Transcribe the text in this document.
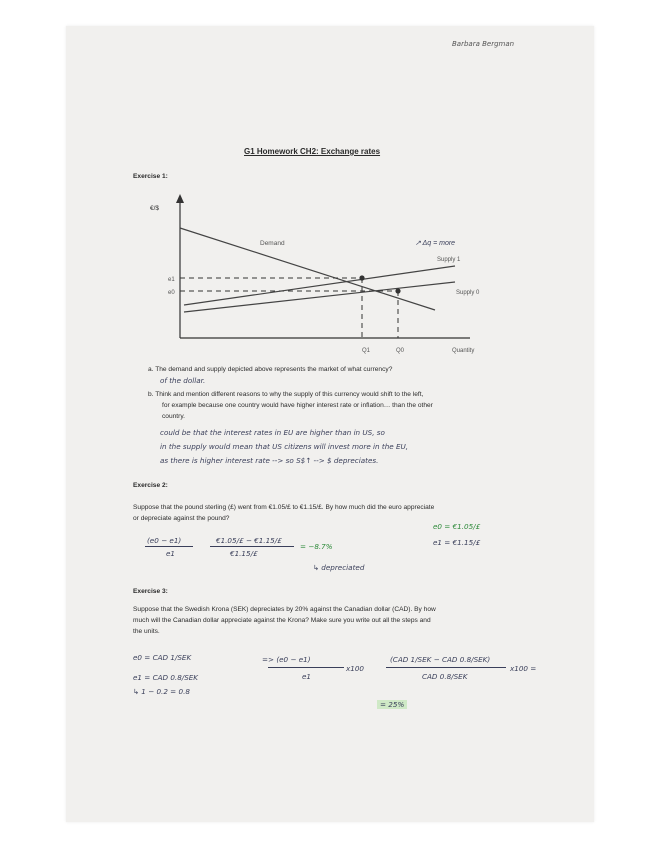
Barbara Bergman
G1 Homework CH2: Exchange rates
Exercise 1:
€/$
Demand
Supply 1
Supply 0
e1
e0
Q1	Q0	Quantity
↗ Δq = more
a. The demand and supply depicted above represents the market of what currency?
of the dollar.
b. Think and mention different reasons to why the supply of this currency would shift to the left,
for example because one country would have higher interest rate or inflation… than the other
country.
could be that the interest rates in EU are higher than in US, so
in the supply would mean that US citizens will invest more in the EU,
as there is higher interest rate --> so S$↑ --> $ depreciates.
Exercise 2:
Suppose that the pound sterling (£) went from €1.05/£ to €1.15/£. By how much did the euro appreciate
or depreciate against the pound?
e0 = €1.05/£
e1 = €1.15/£
(e0 − e1)
e1
€1.05/£ − €1.15/£
€1.15/£
= −8.7%
↳ depreciated
Exercise 3:
Suppose that the Swedish Krona (SEK) depreciates by 20% against the Canadian dollar (CAD). By how
much will the Canadian dollar appreciate against the Krona? Make sure you write out all the steps and
the units.
e0 = CAD 1/SEK
e1 = CAD 0.8/SEK
↳ 1 − 0.2 = 0.8
=> (e0 − e1)
e1
x100
(CAD 1/SEK − CAD 0.8/SEK)
CAD 0.8/SEK
x100 =
= 25%
